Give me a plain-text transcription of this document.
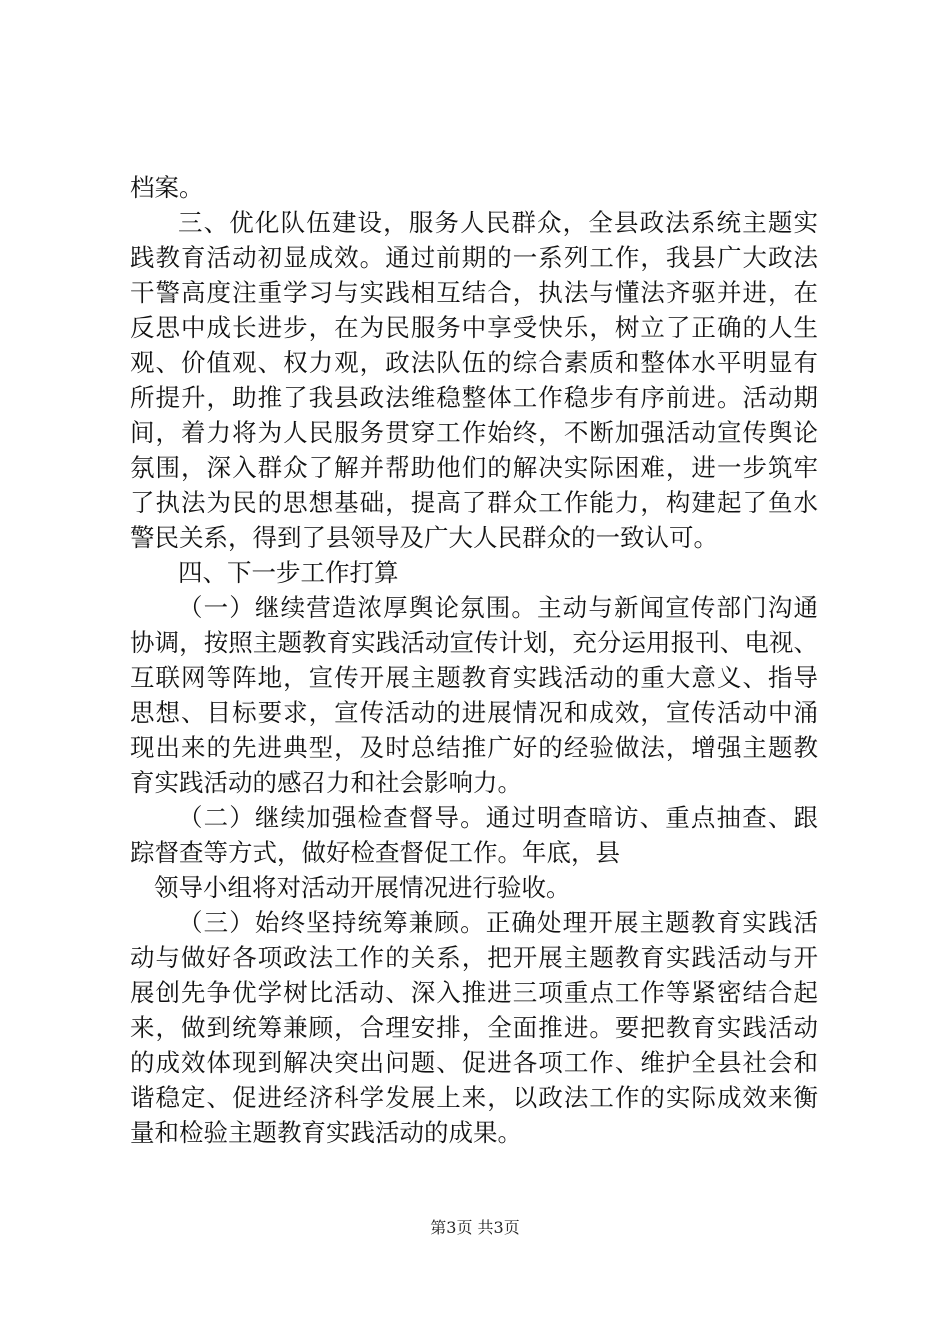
档案。
三、优化队伍建设，服务人民群众，全县政法系统主题实
践教育活动初显成效。通过前期的一系列工作，我县广大政法
干警高度注重学习与实践相互结合，执法与懂法齐驱并进，在
反思中成长进步，在为民服务中享受快乐，树立了正确的人生
观、价值观、权力观，政法队伍的综合素质和整体水平明显有
所提升，助推了我县政法维稳整体工作稳步有序前进。活动期
间，着力将为人民服务贯穿工作始终，不断加强活动宣传舆论
氛围，深入群众了解并帮助他们的解决实际困难，进一步筑牢
了执法为民的思想基础，提高了群众工作能力，构建起了鱼水
警民关系，得到了县领导及广大人民群众的一致认可。
四、下一步工作打算
（一）继续营造浓厚舆论氛围。主动与新闻宣传部门沟通
协调，按照主题教育实践活动宣传计划，充分运用报刊、电视、
互联网等阵地，宣传开展主题教育实践活动的重大意义、指导
思想、目标要求，宣传活动的进展情况和成效，宣传活动中涌
现出来的先进典型，及时总结推广好的经验做法，增强主题教
育实践活动的感召力和社会影响力。
（二）继续加强检查督导。通过明查暗访、重点抽查、跟
踪督查等方式，做好检查督促工作。年底，县
领导小组将对活动开展情况进行验收。
（三）始终坚持统筹兼顾。正确处理开展主题教育实践活
动与做好各项政法工作的关系，把开展主题教育实践活动与开
展创先争优学树比活动、深入推进三项重点工作等紧密结合起
来，做到统筹兼顾，合理安排，全面推进。要把教育实践活动
的成效体现到解决突出问题、促进各项工作、维护全县社会和
谐稳定、促进经济科学发展上来，以政法工作的实际成效来衡
量和检验主题教育实践活动的成果。
第3页 共3页
